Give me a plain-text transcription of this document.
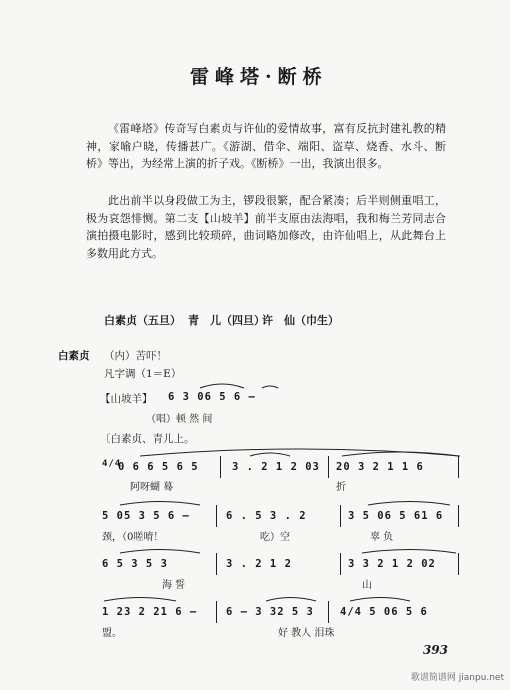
雷峰塔·断桥
《雷峰塔》传奇写白素贞与许仙的爱情故事，富有反抗封建礼教的精神，家喻户晓，传播甚广。《游湖、借伞、端阳、盗草、烧香、水斗、断桥》等出，为经常上演的折子戏。《断桥》一出，我演出很多。
此出前半以身段做工为主，锣段很繁，配合紧凑；后半则侧重唱工，极为哀怨悱恻。第二支【山坡羊】前半支原由法海唱，我和梅兰芳同志合演拍摄电影时，感到比较琐碎，曲词略加修改，由许仙唱上，从此舞台上多数用此方式。
白素贞（五旦） 青　儿（四旦）
许　仙（巾生）
白素贞 （内）苦吓！
凡字调（1＝E）
【山坡羊】 6 3 06 5 6 –
（唱）顿 然 间
〔白素贞、青儿上。
4/4
0 6 6 5 6 5	3 . 2 1 2 03 20 3 2 1 1 6
阿呀蝴 蓦	折
5 05 3 5 6 –	6 . 5 3 . 2	3 5 06 5 61 6
颈，（0嗟唷！	吃）空	辜 负
6 5 3 5 3	3 . 2 1 2	3 3 2 1 2 02
海 誓	山
1 23 2 21 6 –	6 – 3 32 5 3 4/4 5 06 5 6
盟。	好 教人 泪珠
393
歌谱简谱网 jianpu.net
